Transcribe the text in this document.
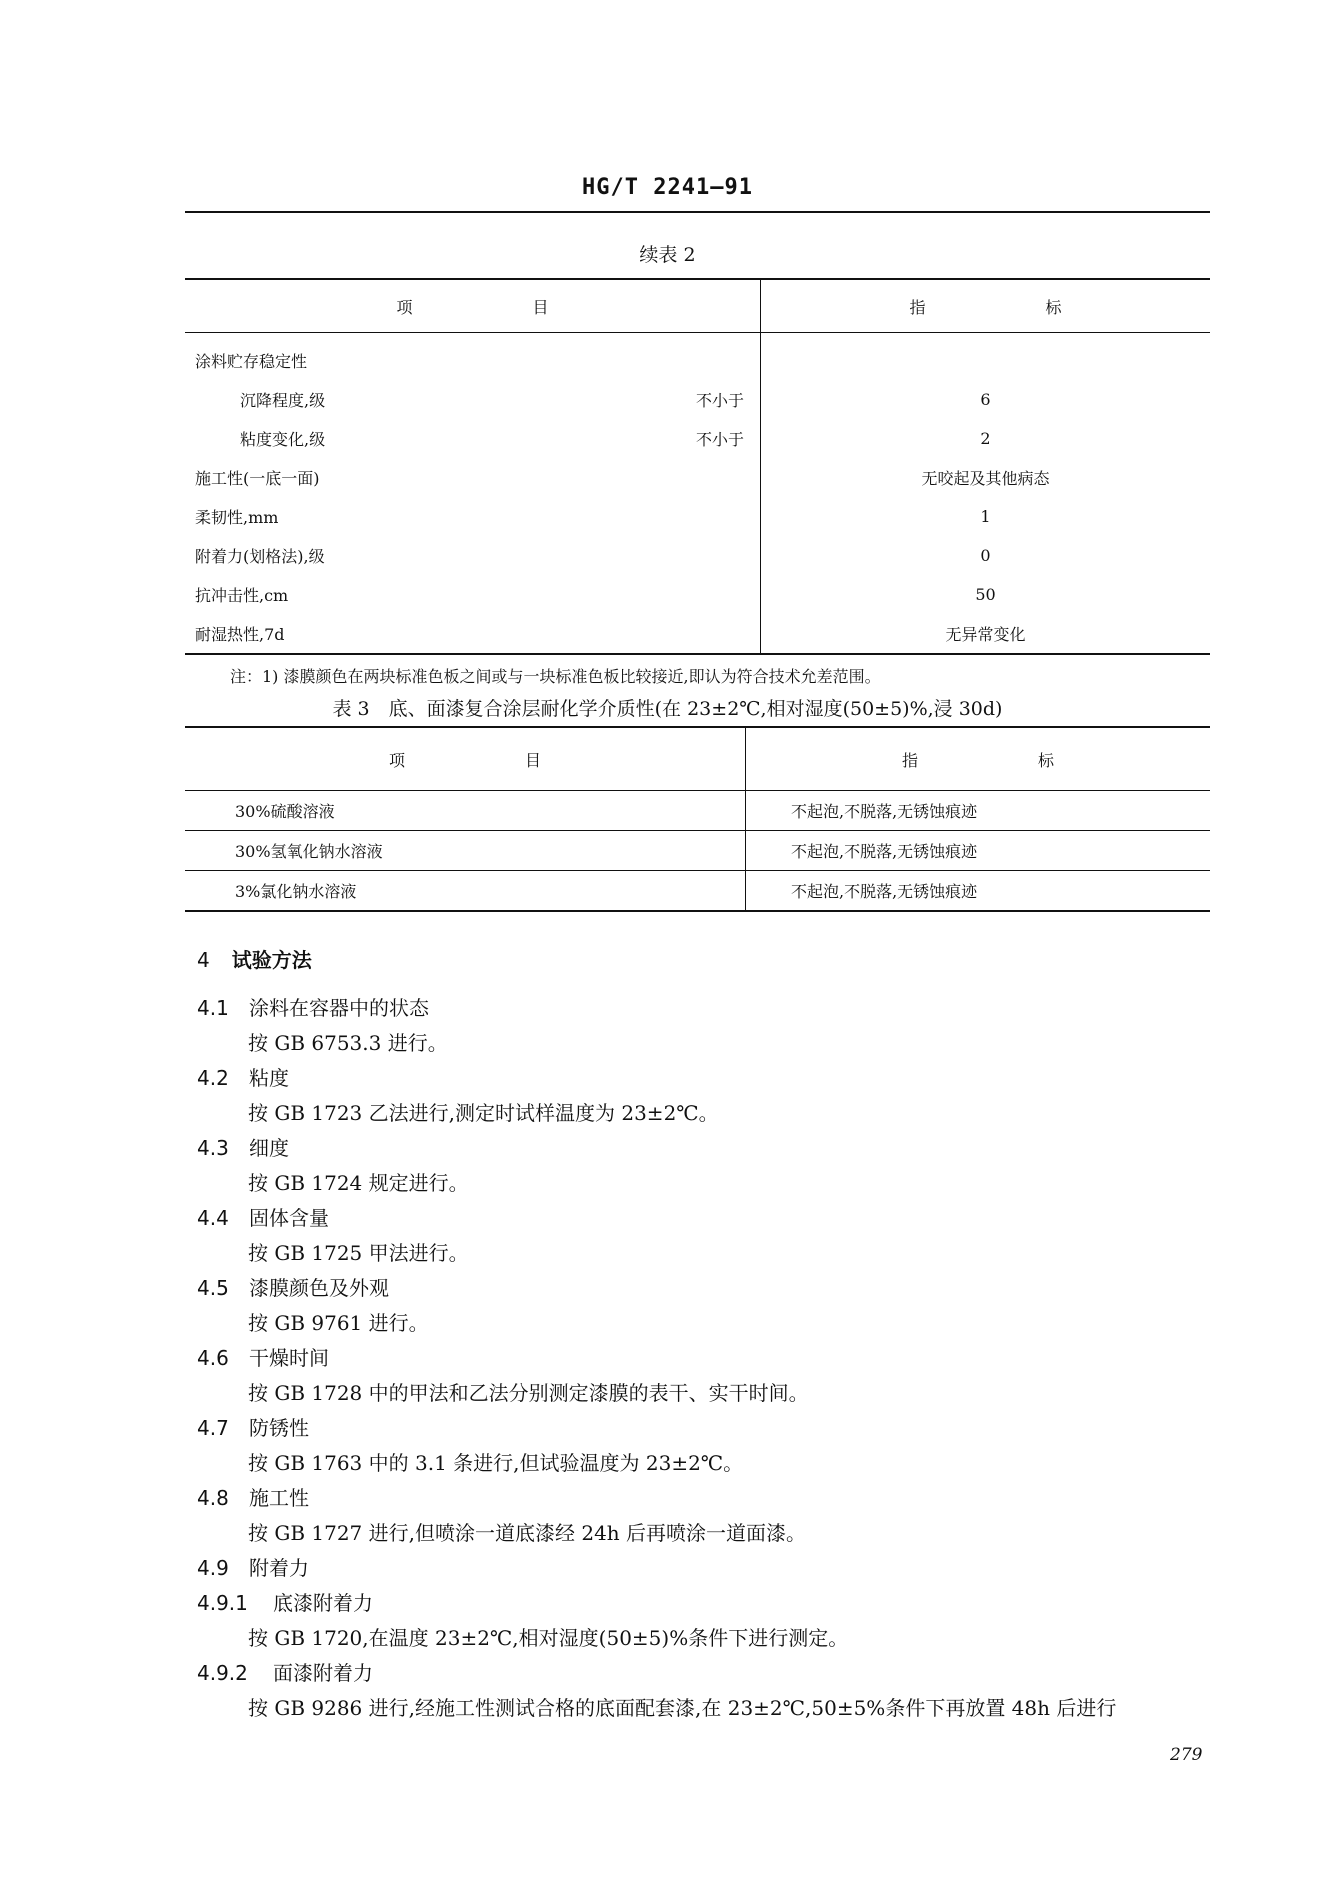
HG/T 2241—91
续表 2
项 目	指 标

涂料贮存稳定性	

沉降程度,级 不小于	6

粘度变化,级 不小于	2
施工性(一底一面)	无咬起及其他病态
柔韧性,mm	1
附着力(划格法),级	0
抗冲击性,cm	50
耐湿热性,7d	无异常变化
注：1) 漆膜颜色在两块标准色板之间或与一块标准色板比较接近,即认为符合技术允差范围。
表 3　底、面漆复合涂层耐化学介质性(在 23±2℃,相对湿度(50±5)%,浸 30d)
项 目	指 标

30%硫酸溶液	不起泡,不脱落,无锈蚀痕迹
30%氢氧化钠水溶液	不起泡,不脱落,无锈蚀痕迹
3%氯化钠水溶液	不起泡,不脱落,无锈蚀痕迹
4 试验方法
4.1 涂料在容器中的状态
按 GB 6753.3 进行。
4.2 粘度
按 GB 1723 乙法进行,测定时试样温度为 23±2℃。
4.3 细度
按 GB 1724 规定进行。
4.4 固体含量
按 GB 1725 甲法进行。
4.5 漆膜颜色及外观
按 GB 9761 进行。
4.6 干燥时间
按 GB 1728 中的甲法和乙法分别测定漆膜的表干、实干时间。
4.7 防锈性
按 GB 1763 中的 3.1 条进行,但试验温度为 23±2℃。
4.8 施工性
按 GB 1727 进行,但喷涂一道底漆经 24h 后再喷涂一道面漆。
4.9 附着力
4.9.1 底漆附着力
按 GB 1720,在温度 23±2℃,相对湿度(50±5)%条件下进行测定。
4.9.2 面漆附着力
按 GB 9286 进行,经施工性测试合格的底面配套漆,在 23±2℃,50±5%条件下再放置 48h 后进行
279
